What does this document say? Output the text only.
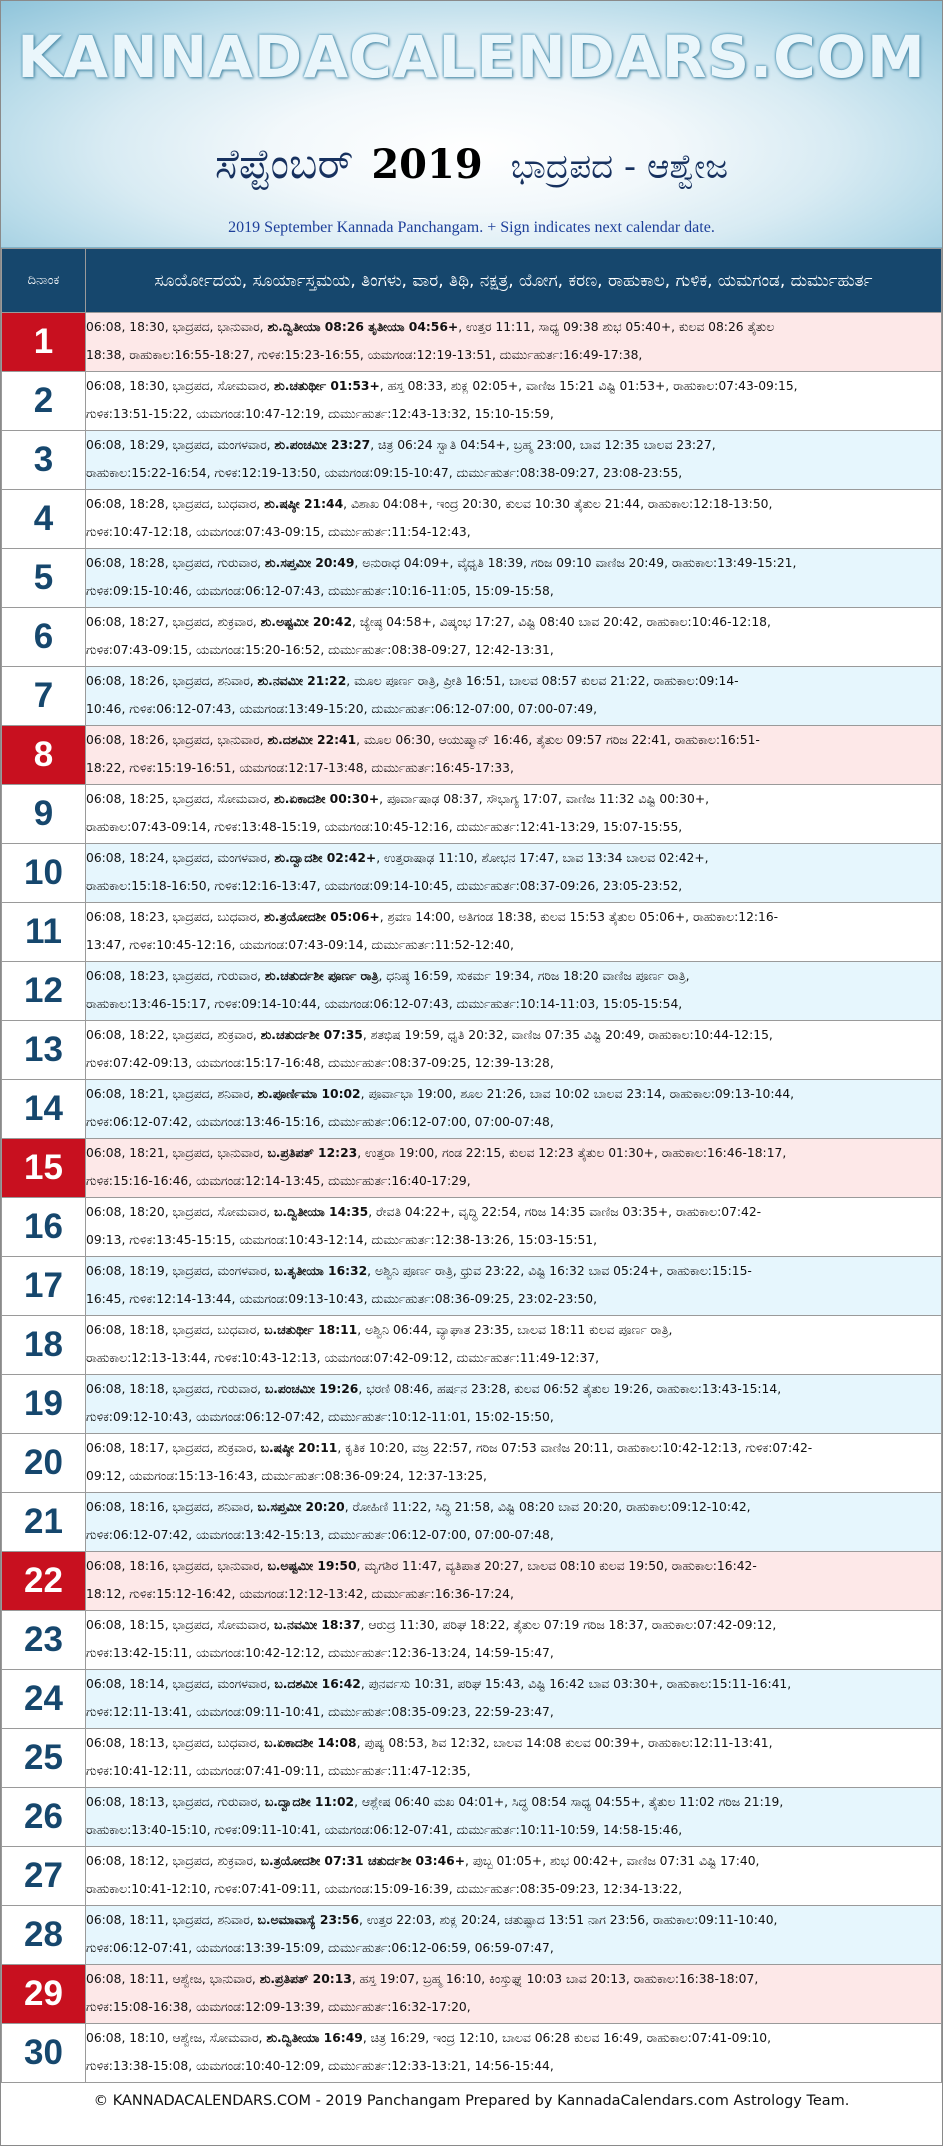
KANNADACALENDARS.COM
ಸೆಪ್ಟೆಂಬರ್ 2019 ಭಾದ್ರಪದ - ಆಶ್ವೇಜ
2019 September Kannada Panchangam. + Sign indicates next calendar date.
ದಿನಾಂಕ	ಸೂರ್ಯೋದಯ, ಸೂರ್ಯಾಸ್ತಮಯ, ತಿಂಗಳು, ವಾರ, ತಿಥಿ, ನಕ್ಷತ್ರ, ಯೋಗ, ಕರಣ, ರಾಹುಕಾಲ, ಗುಳಿಕ, ಯಮಗಂಡ, ದುರ್ಮುಹುರ್ತ
1	06:08, 18:30, ಭಾದ್ರಪದ, ಭಾನುವಾರ, ಶು.ದ್ವಿತೀಯಾ 08:26 ತೃತೀಯಾ 04:56+, ಉತ್ತರ 11:11, ಸಾಧ್ಯ 09:38 ಶುಭ 05:40+, ಕುಲವ 08:26 ತೈತುಲ
18:38, ರಾಹುಕಾಲ:16:55-18:27, ಗುಳಿಕ:15:23-16:55, ಯಮಗಂಡ:12:19-13:51, ದುರ್ಮುಹುರ್ತ:16:49-17:38,

2	06:08, 18:30, ಭಾದ್ರಪದ, ಸೋಮವಾರ, ಶು.ಚತುರ್ಥೀ 01:53+, ಹಸ್ತ 08:33, ಶುಕ್ಲ 02:05+, ವಾಣಿಜ 15:21 ವಿಷ್ಟಿ 01:53+, ರಾಹುಕಾಲ:07:43-09:15,
ಗುಳಿಕ:13:51-15:22, ಯಮಗಂಡ:10:47-12:19, ದುರ್ಮುಹುರ್ತ:12:43-13:32, 15:10-15:59,

3	06:08, 18:29, ಭಾದ್ರಪದ, ಮಂಗಳವಾರ, ಶು.ಪಂಚಮೀ 23:27, ಚಿತ್ರ 06:24 ಸ್ವಾತಿ 04:54+, ಬ್ರಹ್ಮ 23:00, ಬಾವ 12:35 ಬಾಲವ 23:27,
ರಾಹುಕಾಲ:15:22-16:54, ಗುಳಿಕ:12:19-13:50, ಯಮಗಂಡ:09:15-10:47, ದುರ್ಮುಹುರ್ತ:08:38-09:27, 23:08-23:55,

4	06:08, 18:28, ಭಾದ್ರಪದ, ಬುಧವಾರ, ಶು.ಷಷ್ಠೀ 21:44, ವಿಶಾಖ 04:08+, ಇಂದ್ರ 20:30, ಕುಲವ 10:30 ತೈತುಲ 21:44, ರಾಹುಕಾಲ:12:18-13:50,
ಗುಳಿಕ:10:47-12:18, ಯಮಗಂಡ:07:43-09:15, ದುರ್ಮುಹುರ್ತ:11:54-12:43,

5	06:08, 18:28, ಭಾದ್ರಪದ, ಗುರುವಾರ, ಶು.ಸಪ್ತಮೀ 20:49, ಅನುರಾಧ 04:09+, ವೈಧೃತಿ 18:39, ಗರಿಜ 09:10 ವಾಣಿಜ 20:49, ರಾಹುಕಾಲ:13:49-15:21,
ಗುಳಿಕ:09:15-10:46, ಯಮಗಂಡ:06:12-07:43, ದುರ್ಮುಹುರ್ತ:10:16-11:05, 15:09-15:58,

6	06:08, 18:27, ಭಾದ್ರಪದ, ಶುಕ್ರವಾರ, ಶು.ಅಷ್ಟಮೀ 20:42, ಜ್ಯೇಷ್ಠ 04:58+, ವಿಷ್ಕಂಭ 17:27, ವಿಷ್ಟಿ 08:40 ಬಾವ 20:42, ರಾಹುಕಾಲ:10:46-12:18,
ಗುಳಿಕ:07:43-09:15, ಯಮಗಂಡ:15:20-16:52, ದುರ್ಮುಹುರ್ತ:08:38-09:27, 12:42-13:31,

7	06:08, 18:26, ಭಾದ್ರಪದ, ಶನಿವಾರ, ಶು.ನವಮೀ 21:22, ಮೂಲ ಪೂರ್ಣ ರಾತ್ರಿ, ಪ್ರೀತಿ 16:51, ಬಾಲವ 08:57 ಕುಲವ 21:22, ರಾಹುಕಾಲ:09:14-
10:46, ಗುಳಿಕ:06:12-07:43, ಯಮಗಂಡ:13:49-15:20, ದುರ್ಮುಹುರ್ತ:06:12-07:00, 07:00-07:49,

8	06:08, 18:26, ಭಾದ್ರಪದ, ಭಾನುವಾರ, ಶು.ದಶಮೀ 22:41, ಮೂಲ 06:30, ಆಯುಷ್ಮಾನ್ 16:46, ತೈತುಲ 09:57 ಗರಿಜ 22:41, ರಾಹುಕಾಲ:16:51-
18:22, ಗುಳಿಕ:15:19-16:51, ಯಮಗಂಡ:12:17-13:48, ದುರ್ಮುಹುರ್ತ:16:45-17:33,

9	06:08, 18:25, ಭಾದ್ರಪದ, ಸೋಮವಾರ, ಶು.ಏಕಾದಶೀ 00:30+, ಪೂರ್ವಾಷಾಢ 08:37, ಸೌಭಾಗ್ಯ 17:07, ವಾಣಿಜ 11:32 ವಿಷ್ಟಿ 00:30+,
ರಾಹುಕಾಲ:07:43-09:14, ಗುಳಿಕ:13:48-15:19, ಯಮಗಂಡ:10:45-12:16, ದುರ್ಮುಹುರ್ತ:12:41-13:29, 15:07-15:55,

10	06:08, 18:24, ಭಾದ್ರಪದ, ಮಂಗಳವಾರ, ಶು.ದ್ವಾದಶೀ 02:42+, ಉತ್ತರಾಷಾಢ 11:10, ಶೋಭನ 17:47, ಬಾವ 13:34 ಬಾಲವ 02:42+,
ರಾಹುಕಾಲ:15:18-16:50, ಗುಳಿಕ:12:16-13:47, ಯಮಗಂಡ:09:14-10:45, ದುರ್ಮುಹುರ್ತ:08:37-09:26, 23:05-23:52,

11	06:08, 18:23, ಭಾದ್ರಪದ, ಬುಧವಾರ, ಶು.ತ್ರಯೋದಶೀ 05:06+, ಶ್ರವಣ 14:00, ಅತಿಗಂಡ 18:38, ಕುಲವ 15:53 ತೈತುಲ 05:06+, ರಾಹುಕಾಲ:12:16-
13:47, ಗುಳಿಕ:10:45-12:16, ಯಮಗಂಡ:07:43-09:14, ದುರ್ಮುಹುರ್ತ:11:52-12:40,

12	06:08, 18:23, ಭಾದ್ರಪದ, ಗುರುವಾರ, ಶು.ಚತುರ್ದಶೀ ಪೂರ್ಣ ರಾತ್ರಿ, ಧನಿಷ್ಠ 16:59, ಸುಕರ್ಮ 19:34, ಗರಿಜ 18:20 ವಾಣಿಜ ಪೂರ್ಣ ರಾತ್ರಿ,
ರಾಹುಕಾಲ:13:46-15:17, ಗುಳಿಕ:09:14-10:44, ಯಮಗಂಡ:06:12-07:43, ದುರ್ಮುಹುರ್ತ:10:14-11:03, 15:05-15:54,

13	06:08, 18:22, ಭಾದ್ರಪದ, ಶುಕ್ರವಾರ, ಶು.ಚತುರ್ದಶೀ 07:35, ಶತಭಿಷ 19:59, ಧೃತಿ 20:32, ವಾಣಿಜ 07:35 ವಿಷ್ಟಿ 20:49, ರಾಹುಕಾಲ:10:44-12:15,
ಗುಳಿಕ:07:42-09:13, ಯಮಗಂಡ:15:17-16:48, ದುರ್ಮುಹುರ್ತ:08:37-09:25, 12:39-13:28,

14	06:08, 18:21, ಭಾದ್ರಪದ, ಶನಿವಾರ, ಶು.ಪೂರ್ಣಿಮಾ 10:02, ಪೂರ್ವಾಭಾ 19:00, ಶೂಲ 21:26, ಬಾವ 10:02 ಬಾಲವ 23:14, ರಾಹುಕಾಲ:09:13-10:44,
ಗುಳಿಕ:06:12-07:42, ಯಮಗಂಡ:13:46-15:16, ದುರ್ಮುಹುರ್ತ:06:12-07:00, 07:00-07:48,

15	06:08, 18:21, ಭಾದ್ರಪದ, ಭಾನುವಾರ, ಬ.ಪ್ರತಿಪತ್ 12:23, ಉತ್ತರಾ 19:00, ಗಂಡ 22:15, ಕುಲವ 12:23 ತೈತುಲ 01:30+, ರಾಹುಕಾಲ:16:46-18:17,
ಗುಳಿಕ:15:16-16:46, ಯಮಗಂಡ:12:14-13:45, ದುರ್ಮುಹುರ್ತ:16:40-17:29,

16	06:08, 18:20, ಭಾದ್ರಪದ, ಸೋಮವಾರ, ಬ.ದ್ವಿತೀಯಾ 14:35, ರೇವತಿ 04:22+, ವೃದ್ಧಿ 22:54, ಗರಿಜ 14:35 ವಾಣಿಜ 03:35+, ರಾಹುಕಾಲ:07:42-
09:13, ಗುಳಿಕ:13:45-15:15, ಯಮಗಂಡ:10:43-12:14, ದುರ್ಮುಹುರ್ತ:12:38-13:26, 15:03-15:51,

17	06:08, 18:19, ಭಾದ್ರಪದ, ಮಂಗಳವಾರ, ಬ.ತೃತೀಯಾ 16:32, ಅಶ್ವಿನಿ ಪೂರ್ಣ ರಾತ್ರಿ, ಧ್ರುವ 23:22, ವಿಷ್ಟಿ 16:32 ಬಾವ 05:24+, ರಾಹುಕಾಲ:15:15-
16:45, ಗುಳಿಕ:12:14-13:44, ಯಮಗಂಡ:09:13-10:43, ದುರ್ಮುಹುರ್ತ:08:36-09:25, 23:02-23:50,

18	06:08, 18:18, ಭಾದ್ರಪದ, ಬುಧವಾರ, ಬ.ಚತುರ್ಥೀ 18:11, ಅಶ್ವಿನಿ 06:44, ವ್ಯಾಘಾತ 23:35, ಬಾಲವ 18:11 ಕುಲವ ಪೂರ್ಣ ರಾತ್ರಿ,
ರಾಹುಕಾಲ:12:13-13:44, ಗುಳಿಕ:10:43-12:13, ಯಮಗಂಡ:07:42-09:12, ದುರ್ಮುಹುರ್ತ:11:49-12:37,

19	06:08, 18:18, ಭಾದ್ರಪದ, ಗುರುವಾರ, ಬ.ಪಂಚಮೀ 19:26, ಭರಣಿ 08:46, ಹರ್ಷನ 23:28, ಕುಲವ 06:52 ತೈತುಲ 19:26, ರಾಹುಕಾಲ:13:43-15:14,
ಗುಳಿಕ:09:12-10:43, ಯಮಗಂಡ:06:12-07:42, ದುರ್ಮುಹುರ್ತ:10:12-11:01, 15:02-15:50,

20	06:08, 18:17, ಭಾದ್ರಪದ, ಶುಕ್ರವಾರ, ಬ.ಷಷ್ಠೀ 20:11, ಕೃತಿಕ 10:20, ವಜ್ರ 22:57, ಗರಿಜ 07:53 ವಾಣಿಜ 20:11, ರಾಹುಕಾಲ:10:42-12:13, ಗುಳಿಕ:07:42-
09:12, ಯಮಗಂಡ:15:13-16:43, ದುರ್ಮುಹುರ್ತ:08:36-09:24, 12:37-13:25,

21	06:08, 18:16, ಭಾದ್ರಪದ, ಶನಿವಾರ, ಬ.ಸಪ್ತಮೀ 20:20, ರೋಹಿಣಿ 11:22, ಸಿದ್ಧಿ 21:58, ವಿಷ್ಟಿ 08:20 ಬಾವ 20:20, ರಾಹುಕಾಲ:09:12-10:42,
ಗುಳಿಕ:06:12-07:42, ಯಮಗಂಡ:13:42-15:13, ದುರ್ಮುಹುರ್ತ:06:12-07:00, 07:00-07:48,

22	06:08, 18:16, ಭಾದ್ರಪದ, ಭಾನುವಾರ, ಬ.ಅಷ್ಟಮೀ 19:50, ಮೃಗಶಿರ 11:47, ವ್ಯತಿಪಾತ 20:27, ಬಾಲವ 08:10 ಕುಲವ 19:50, ರಾಹುಕಾಲ:16:42-
18:12, ಗುಳಿಕ:15:12-16:42, ಯಮಗಂಡ:12:12-13:42, ದುರ್ಮುಹುರ್ತ:16:36-17:24,

23	06:08, 18:15, ಭಾದ್ರಪದ, ಸೋಮವಾರ, ಬ.ನವಮೀ 18:37, ಆರುದ್ರ 11:30, ಪರಿಘ 18:22, ತೈತುಲ 07:19 ಗರಿಜ 18:37, ರಾಹುಕಾಲ:07:42-09:12,
ಗುಳಿಕ:13:42-15:11, ಯಮಗಂಡ:10:42-12:12, ದುರ್ಮುಹುರ್ತ:12:36-13:24, 14:59-15:47,

24	06:08, 18:14, ಭಾದ್ರಪದ, ಮಂಗಳವಾರ, ಬ.ದಶಮೀ 16:42, ಪುನರ್ವಸು 10:31, ಪರಿಘ 15:43, ವಿಷ್ಟಿ 16:42 ಬಾವ 03:30+, ರಾಹುಕಾಲ:15:11-16:41,
ಗುಳಿಕ:12:11-13:41, ಯಮಗಂಡ:09:11-10:41, ದುರ್ಮುಹುರ್ತ:08:35-09:23, 22:59-23:47,

25	06:08, 18:13, ಭಾದ್ರಪದ, ಬುಧವಾರ, ಬ.ಏಕಾದಶೀ 14:08, ಪುಷ್ಯ 08:53, ಶಿವ 12:32, ಬಾಲವ 14:08 ಕುಲವ 00:39+, ರಾಹುಕಾಲ:12:11-13:41,
ಗುಳಿಕ:10:41-12:11, ಯಮಗಂಡ:07:41-09:11, ದುರ್ಮುಹುರ್ತ:11:47-12:35,

26	06:08, 18:13, ಭಾದ್ರಪದ, ಗುರುವಾರ, ಬ.ದ್ವಾದಶೀ 11:02, ಆಶ್ಲೇಷ 06:40 ಮಖ 04:01+, ಸಿದ್ಧ 08:54 ಸಾಧ್ಯ 04:55+, ತೈತುಲ 11:02 ಗರಿಜ 21:19,
ರಾಹುಕಾಲ:13:40-15:10, ಗುಳಿಕ:09:11-10:41, ಯಮಗಂಡ:06:12-07:41, ದುರ್ಮುಹುರ್ತ:10:11-10:59, 14:58-15:46,

27	06:08, 18:12, ಭಾದ್ರಪದ, ಶುಕ್ರವಾರ, ಬ.ತ್ರಯೋದಶೀ 07:31 ಚತುರ್ದಶೀ 03:46+, ಪುಬ್ಬ 01:05+, ಶುಭ 00:42+, ವಾಣಿಜ 07:31 ವಿಷ್ಟಿ 17:40,
ರಾಹುಕಾಲ:10:41-12:10, ಗುಳಿಕ:07:41-09:11, ಯಮಗಂಡ:15:09-16:39, ದುರ್ಮುಹುರ್ತ:08:35-09:23, 12:34-13:22,

28	06:08, 18:11, ಭಾದ್ರಪದ, ಶನಿವಾರ, ಬ.ಅಮಾವಾಸ್ಯೆ 23:56, ಉತ್ತರ 22:03, ಶುಕ್ಲ 20:24, ಚತುಷ್ಪಾದ 13:51 ನಾಗ 23:56, ರಾಹುಕಾಲ:09:11-10:40,
ಗುಳಿಕ:06:12-07:41, ಯಮಗಂಡ:13:39-15:09, ದುರ್ಮುಹುರ್ತ:06:12-06:59, 06:59-07:47,

29	06:08, 18:11, ಆಶ್ವೇಜ, ಭಾನುವಾರ, ಶು.ಪ್ರತಿಪತ್ 20:13, ಹಸ್ತ 19:07, ಬ್ರಹ್ಮ 16:10, ಕಿಂಸ್ತುಘ್ನ 10:03 ಬಾವ 20:13, ರಾಹುಕಾಲ:16:38-18:07,
ಗುಳಿಕ:15:08-16:38, ಯಮಗಂಡ:12:09-13:39, ದುರ್ಮುಹುರ್ತ:16:32-17:20,

30	06:08, 18:10, ಆಶ್ವೇಜ, ಸೋಮವಾರ, ಶು.ದ್ವಿತೀಯಾ 16:49, ಚಿತ್ರ 16:29, ಇಂದ್ರ 12:10, ಬಾಲವ 06:28 ಕುಲವ 16:49, ರಾಹುಕಾಲ:07:41-09:10,
ಗುಳಿಕ:13:38-15:08, ಯಮಗಂಡ:10:40-12:09, ದುರ್ಮುಹುರ್ತ:12:33-13:21, 14:56-15:44,
© KANNADACALENDARS.COM - 2019 Panchangam Prepared by KannadaCalendars.com Astrology Team.
